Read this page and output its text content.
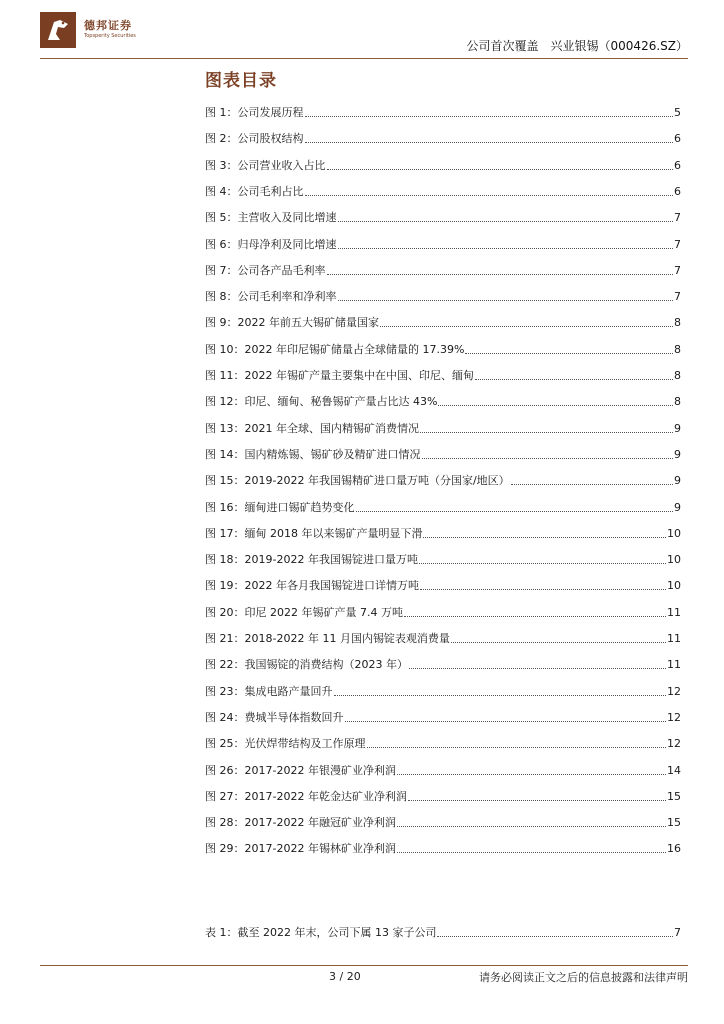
德邦证券
Topsperity Securities
公司首次覆盖　兴业银锡（000426.SZ）
图表目录
图 1：公司发展历程	5
图 2：公司股权结构	6
图 3：公司营业收入占比	6
图 4：公司毛利占比	6
图 5：主营收入及同比增速	7
图 6：归母净利及同比增速	7
图 7：公司各产品毛利率	7
图 8：公司毛利率和净利率	7
图 9：2022 年前五大锡矿储量国家	8
图 10：2022 年印尼锡矿储量占全球储量的 17.39%	8
图 11：2022 年锡矿产量主要集中在中国、印尼、缅甸	8
图 12：印尼、缅甸、秘鲁锡矿产量占比达 43%	8
图 13：2021 年全球、国内精锡矿消费情况	9
图 14：国内精炼锡、锡矿砂及精矿进口情况	9
图 15：2019-2022 年我国锡精矿进口量万吨（分国家/地区）	9
图 16：缅甸进口锡矿趋势变化	9
图 17：缅甸 2018 年以来锡矿产量明显下滑	10
图 18：2019-2022 年我国锡锭进口量万吨	10
图 19：2022 年各月我国锡锭进口详情万吨	10
图 20：印尼 2022 年锡矿产量 7.4 万吨	11
图 21：2018-2022 年 11 月国内锡锭表观消费量	11
图 22：我国锡锭的消费结构（2023 年）	11
图 23：集成电路产量回升	12
图 24：费城半导体指数回升	12
图 25：光伏焊带结构及工作原理	12
图 26：2017-2022 年银漫矿业净利润	14
图 27：2017-2022 年乾金达矿业净利润	15
图 28：2017-2022 年融冠矿业净利润	15
图 29：2017-2022 年锡林矿业净利润	16
表 1：截至 2022 年末，公司下属 13 家子公司	7
3 / 20	请务必阅读正文之后的信息披露和法律声明
